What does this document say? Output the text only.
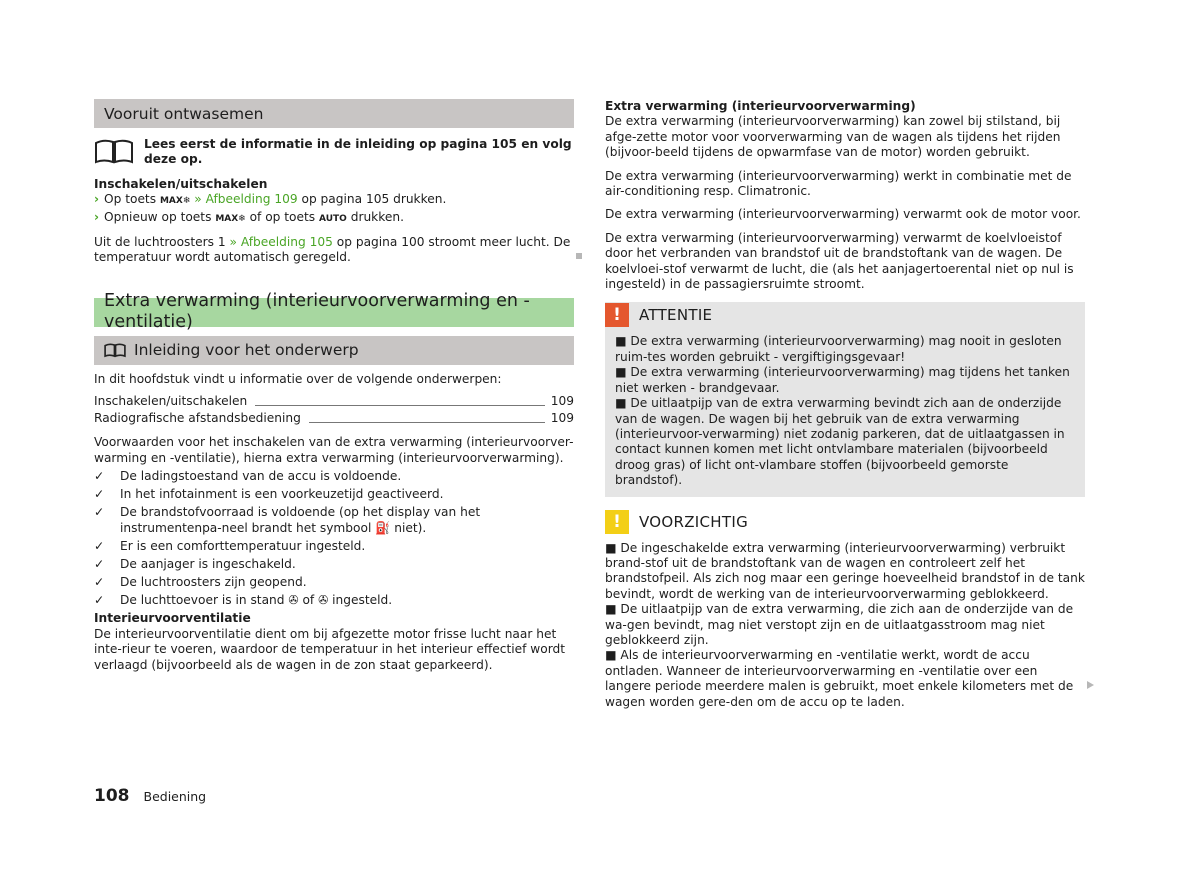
Vooruit ontwasemen

Lees eerst de informatie in de inleiding op pagina 105 en volg deze op.

Inschakelen/uitschakelen

› Op toets MAX❄ » Afbeelding 109 op pagina 105 drukken.
› Opnieuw op toets MAX❄ of op toets AUTO drukken.

Uit de luchtroosters 1 » Afbeelding 105 op pagina 100 stroomt meer lucht. De temperatuur wordt automatisch geregeld.

Extra verwarming (interieurvoorverwarming en -ventilatie)
Inleiding voor het onderwerp

In dit hoofdstuk vindt u informatie over de volgende onderwerpen:

Inschakelen/uitschakelen	109
Radiografische afstandsbediening	109

Voorwaarden voor het inschakelen van de extra verwarming (interieurvoorver-warming en -ventilatie), hierna extra verwarming (interieurvoorverwarming).

✓ De ladingstoestand van de accu is voldoende.
✓ In het infotainment is een voorkeuzetijd geactiveerd.
✓ De brandstofvoorraad is voldoende (op het display van het instrumentenpa-neel brandt het symbool ⛽ niet).
✓ Er is een comforttemperatuur ingesteld.
✓ De aanjager is ingeschakeld.
✓ De luchtroosters zijn geopend.
✓ De luchttoevoer is in stand ✇ of ✇ ingesteld.

Interieurvoorventilatie

De interieurvoorventilatie dient om bij afgezette motor frisse lucht naar het inte-rieur te voeren, waardoor de temperatuur in het interieur effectief wordt verlaagd (bijvoorbeeld als de wagen in de zon staat geparkeerd).

Extra verwarming (interieurvoorverwarming)

De extra verwarming (interieurvoorverwarming) kan zowel bij stilstand, bij afge-zette motor voor voorverwarming van de wagen als tijdens het rijden (bijvoor-beeld tijdens de opwarmfase van de motor) worden gebruikt.

De extra verwarming (interieurvoorverwarming) werkt in combinatie met de air-conditioning resp. Climatronic.

De extra verwarming (interieurvoorverwarming) verwarmt ook de motor voor.

De extra verwarming (interieurvoorverwarming) verwarmt de koelvloeistof door het verbranden van brandstof uit de brandstoftank van de wagen. De koelvloei-stof verwarmt de lucht, die (als het aanjagertoerental niet op nul is ingesteld) in de passagiersruimte stroomt.

!	ATTENTIE

■ De extra verwarming (interieurvoorverwarming) mag nooit in gesloten ruim-tes worden gebruikt - vergiftigingsgevaar!

■ De extra verwarming (interieurvoorverwarming) mag tijdens het tanken niet werken - brandgevaar.

■ De uitlaatpijp van de extra verwarming bevindt zich aan de onderzijde van de wagen. De wagen bij het gebruik van de extra verwarming (interieurvoor-verwarming) niet zodanig parkeren, dat de uitlaatgassen in contact kunnen komen met licht ontvlambare materialen (bijvoorbeeld droog gras) of licht ont-vlambare stoffen (bijvoorbeeld gemorste brandstof).

!	VOORZICHTIG

■ De ingeschakelde extra verwarming (interieurvoorverwarming) verbruikt brand-stof uit de brandstoftank van de wagen en controleert zelf het brandstofpeil. Als zich nog maar een geringe hoeveelheid brandstof in de tank bevindt, wordt de werking van de interieurvoorverwarming geblokkeerd.

■ De uitlaatpijp van de extra verwarming, die zich aan de onderzijde van de wa-gen bevindt, mag niet verstopt zijn en de uitlaatgasstroom mag niet geblokkeerd zijn.

■ Als de interieurvoorverwarming en -ventilatie werkt, wordt de accu ontladen. Wanneer de interieurvoorverwarming en -ventilatie over een langere periode meerdere malen is gebruikt, moet enkele kilometers met de wagen worden gere-den om de accu op te laden.

108 Bediening
